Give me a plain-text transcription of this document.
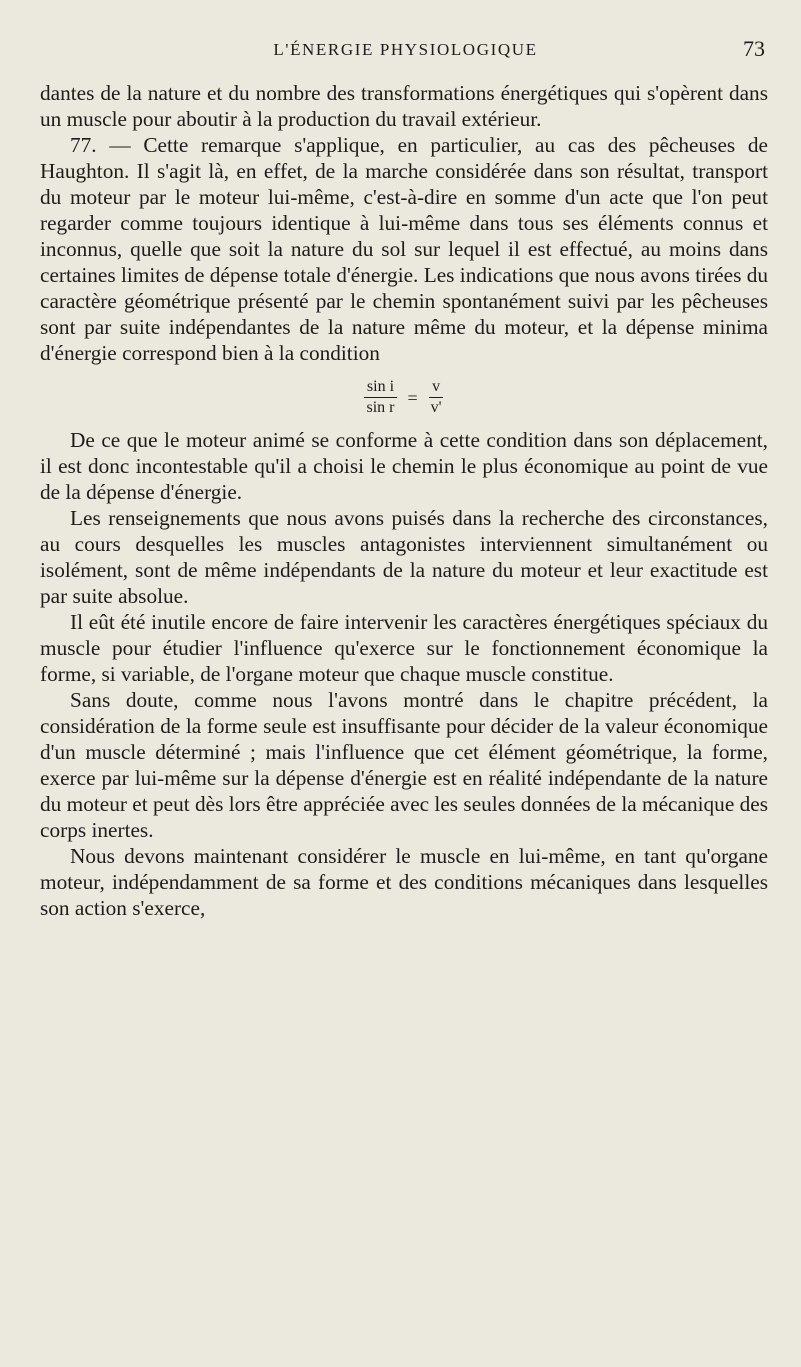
L'ÉNERGIE PHYSIOLOGIQUE	73

dantes de la nature et du nombre des transformations énergétiques qui s'opèrent dans un muscle pour aboutir à la production du travail extérieur.

77. — Cette remarque s'applique, en particulier, au cas des pêcheuses de Haughton. Il s'agit là, en effet, de la marche considérée dans son résultat, transport du moteur par le moteur lui-même, c'est-à-dire en somme d'un acte que l'on peut regarder comme toujours identique à lui-même dans tous ses éléments connus et inconnus, quelle que soit la nature du sol sur lequel il est effectué, au moins dans certaines limites de dépense totale d'énergie. Les indications que nous avons tirées du caractère géométrique présenté par le chemin spontanément suivi par les pêcheuses sont par suite indépendantes de la nature même du moteur, et la dépense minima d'énergie correspond bien à la condition

$\frac{\text{sin i}}{\text{sin r}} = \frac{v}{v'}$

De ce que le moteur animé se conforme à cette condition dans son déplacement, il est donc incontestable qu'il a choisi le chemin le plus économique au point de vue de la dépense d'énergie.

Les renseignements que nous avons puisés dans la recherche des circonstances, au cours desquelles les muscles antagonistes interviennent simultanément ou isolément, sont de même indépendants de la nature du moteur et leur exactitude est par suite absolue.

Il eût été inutile encore de faire intervenir les caractères énergétiques spéciaux du muscle pour étudier l'influence qu'exerce sur le fonctionnement économique la forme, si variable, de l'organe moteur que chaque muscle constitue.

Sans doute, comme nous l'avons montré dans le chapitre précédent, la considération de la forme seule est insuffisante pour décider de la valeur économique d'un muscle déterminé ; mais l'influence que cet élément géométrique, la forme, exerce par lui-même sur la dépense d'énergie est en réalité indépendante de la nature du moteur et peut dès lors être appréciée avec les seules données de la mécanique des corps inertes.

Nous devons maintenant considérer le muscle en lui-même, en tant qu'organe moteur, indépendamment de sa forme et des conditions mécaniques dans lesquelles son action s'exerce,
